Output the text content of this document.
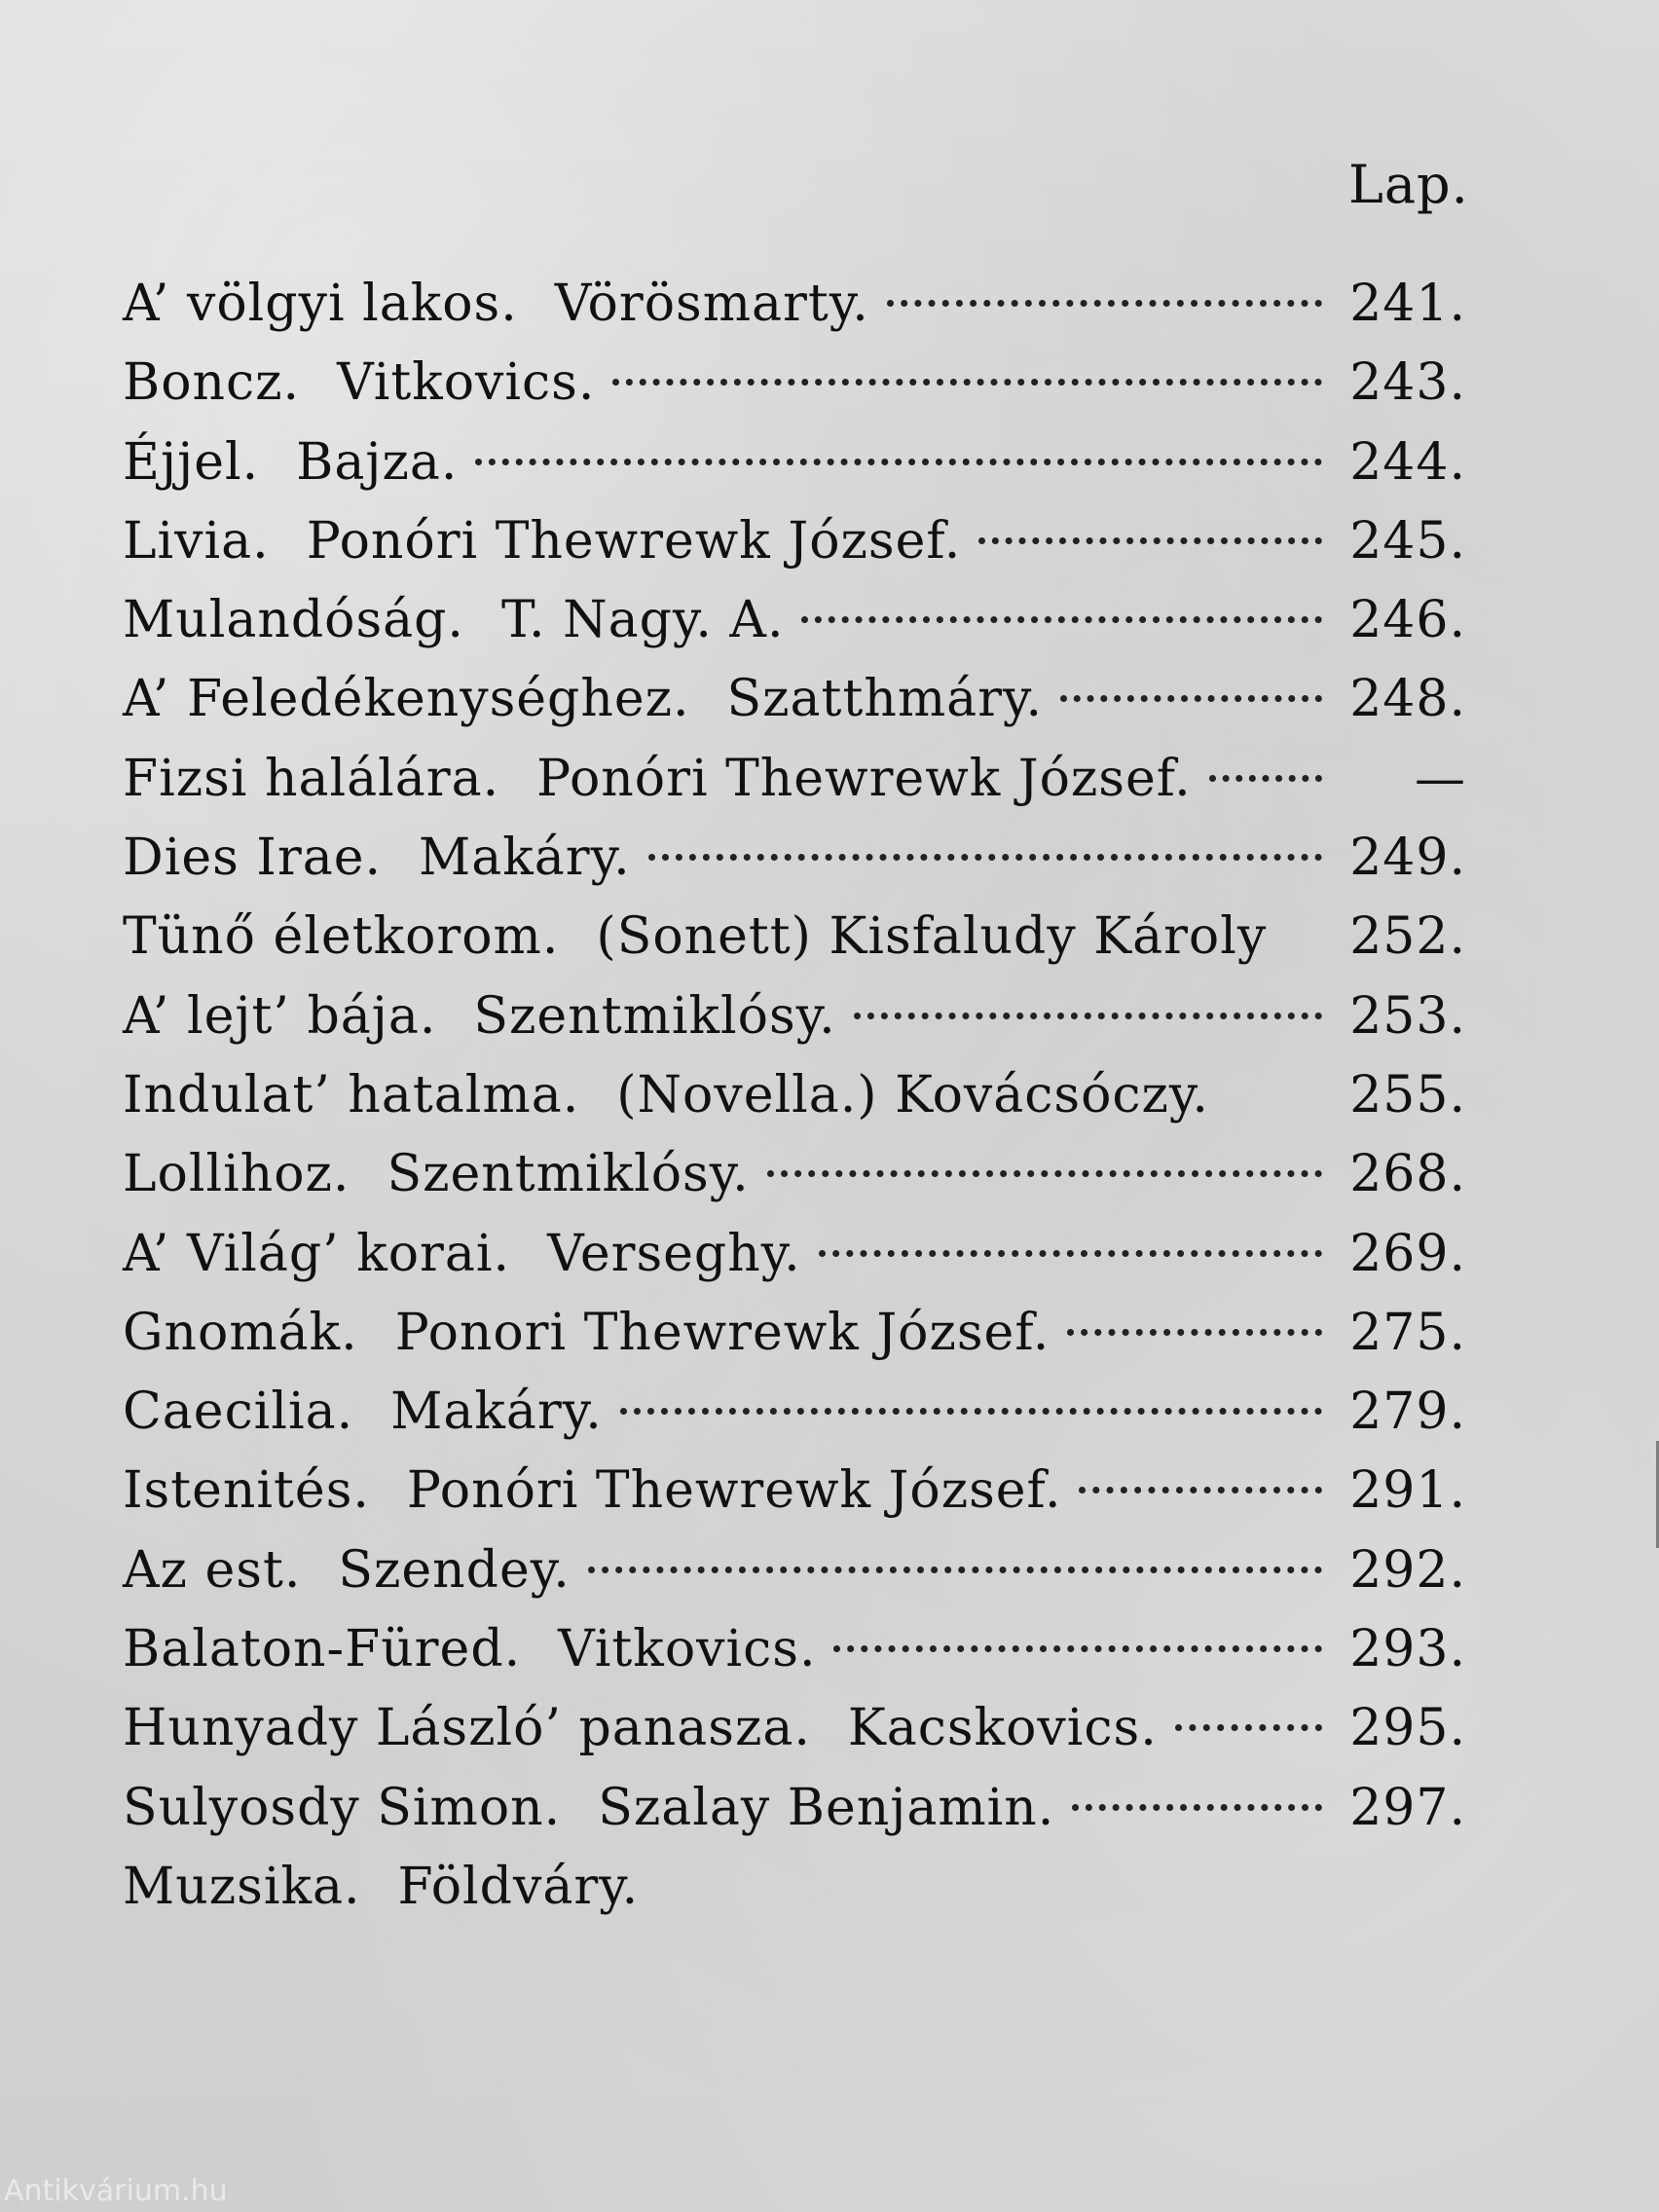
Lap.
A’ völgyi lakos. Vörösmarty.	241.
Boncz. Vitkovics.	243.
Éjjel. Bajza.	244.
Livia. Ponóri Thewrewk József.	245.
Mulandóság. T. Nagy. A.	246.
A’ Feledékenységhez. Szatthmáry.	248.
Fizsi halálára. Ponóri Thewrewk József.	—
Dies Irae. Makáry.	249.
Tünő életkorom. (Sonett) Kisfaludy Károly 252.
A’ lejt’ bája. Szentmiklósy.	253.
Indulat’ hatalma. (Novella.) Kovácsóczy.	255.
Lollihoz. Szentmiklósy.	268.
A’ Világ’ korai. Verseghy.	269.
Gnomák. Ponori Thewrewk József.	275.
Caecilia. Makáry.	279.
Istenités. Ponóri Thewrewk József.	291.
Az est. Szendey.	292.
Balaton-Füred. Vitkovics.	293.
Hunyady László’ panasza. Kacskovics.	295.
Sulyosdy Simon. Szalay Benjamin.	297.
Muzsika. Földváry.
Antikvárium.hu
